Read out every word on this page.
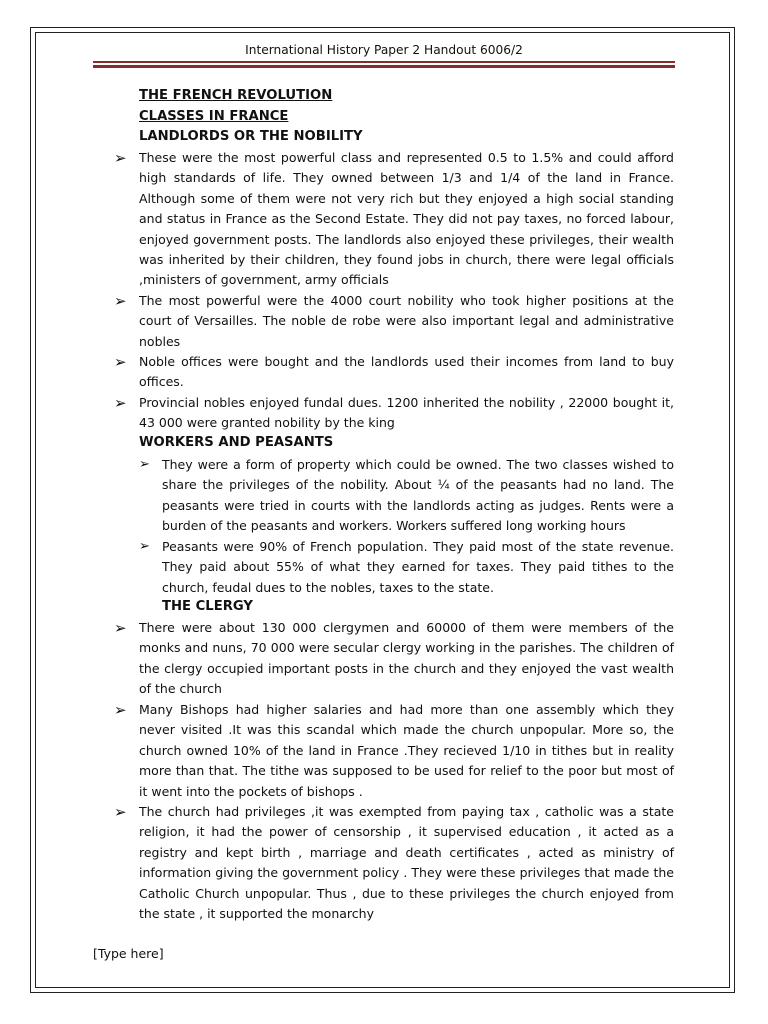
International History Paper 2 Handout 6006/2
THE FRENCH REVOLUTION
CLASSES IN FRANCE
LANDLORDS OR THE NOBILITY
➢ These were the most powerful class and represented 0.5 to 1.5% and could afford high standards of life. They owned between 1/3 and 1/4 of the land in France. Although some of them were not very rich but they enjoyed a high social standing and status in France as the Second Estate. They did not pay taxes, no forced labour, enjoyed government posts. The landlords also enjoyed these privileges, their wealth was inherited by their children, they found jobs in church, there were legal officials ,ministers of government, army officials
➢ The most powerful were the 4000 court nobility who took higher positions at the court of Versailles. The noble de robe were also important legal and administrative nobles
➢ Noble offices were bought and the landlords used their incomes from land to buy offices.
➢ Provincial nobles enjoyed fundal dues. 1200 inherited the nobility , 22000 bought it, 43 000 were granted nobility by the king
WORKERS AND PEASANTS
➢ They were a form of property which could be owned. The two classes wished to share the privileges of the nobility. About ¼ of the peasants had no land. The peasants were tried in courts with the landlords acting as judges. Rents were a burden of the peasants and workers. Workers suffered long working hours
➢ Peasants were 90% of French population. They paid most of the state revenue. They paid about 55% of what they earned for taxes. They paid tithes to the church, feudal dues to the nobles, taxes to the state.
THE CLERGY
➢ There were about 130 000 clergymen and 60000 of them were members of the monks and nuns, 70 000 were secular clergy working in the parishes. The children of the clergy occupied important posts in the church and they enjoyed the vast wealth of the church
➢ Many Bishops had higher salaries and had more than one assembly which they never visited .It was this scandal which made the church unpopular. More so, the church owned 10% of the land in France .They recieved 1/10 in tithes but in reality more than that. The tithe was supposed to be used for relief to the poor but most of it went into the pockets of bishops .
➢ The church had privileges ,it was exempted from paying tax , catholic was a state religion, it had the power of censorship , it supervised education , it acted as a registry and kept birth , marriage and death certificates , acted as ministry of information giving the government policy . They were these privileges that made the Catholic Church unpopular. Thus , due to these privileges the church enjoyed from the state , it supported the monarchy
[Type here]
